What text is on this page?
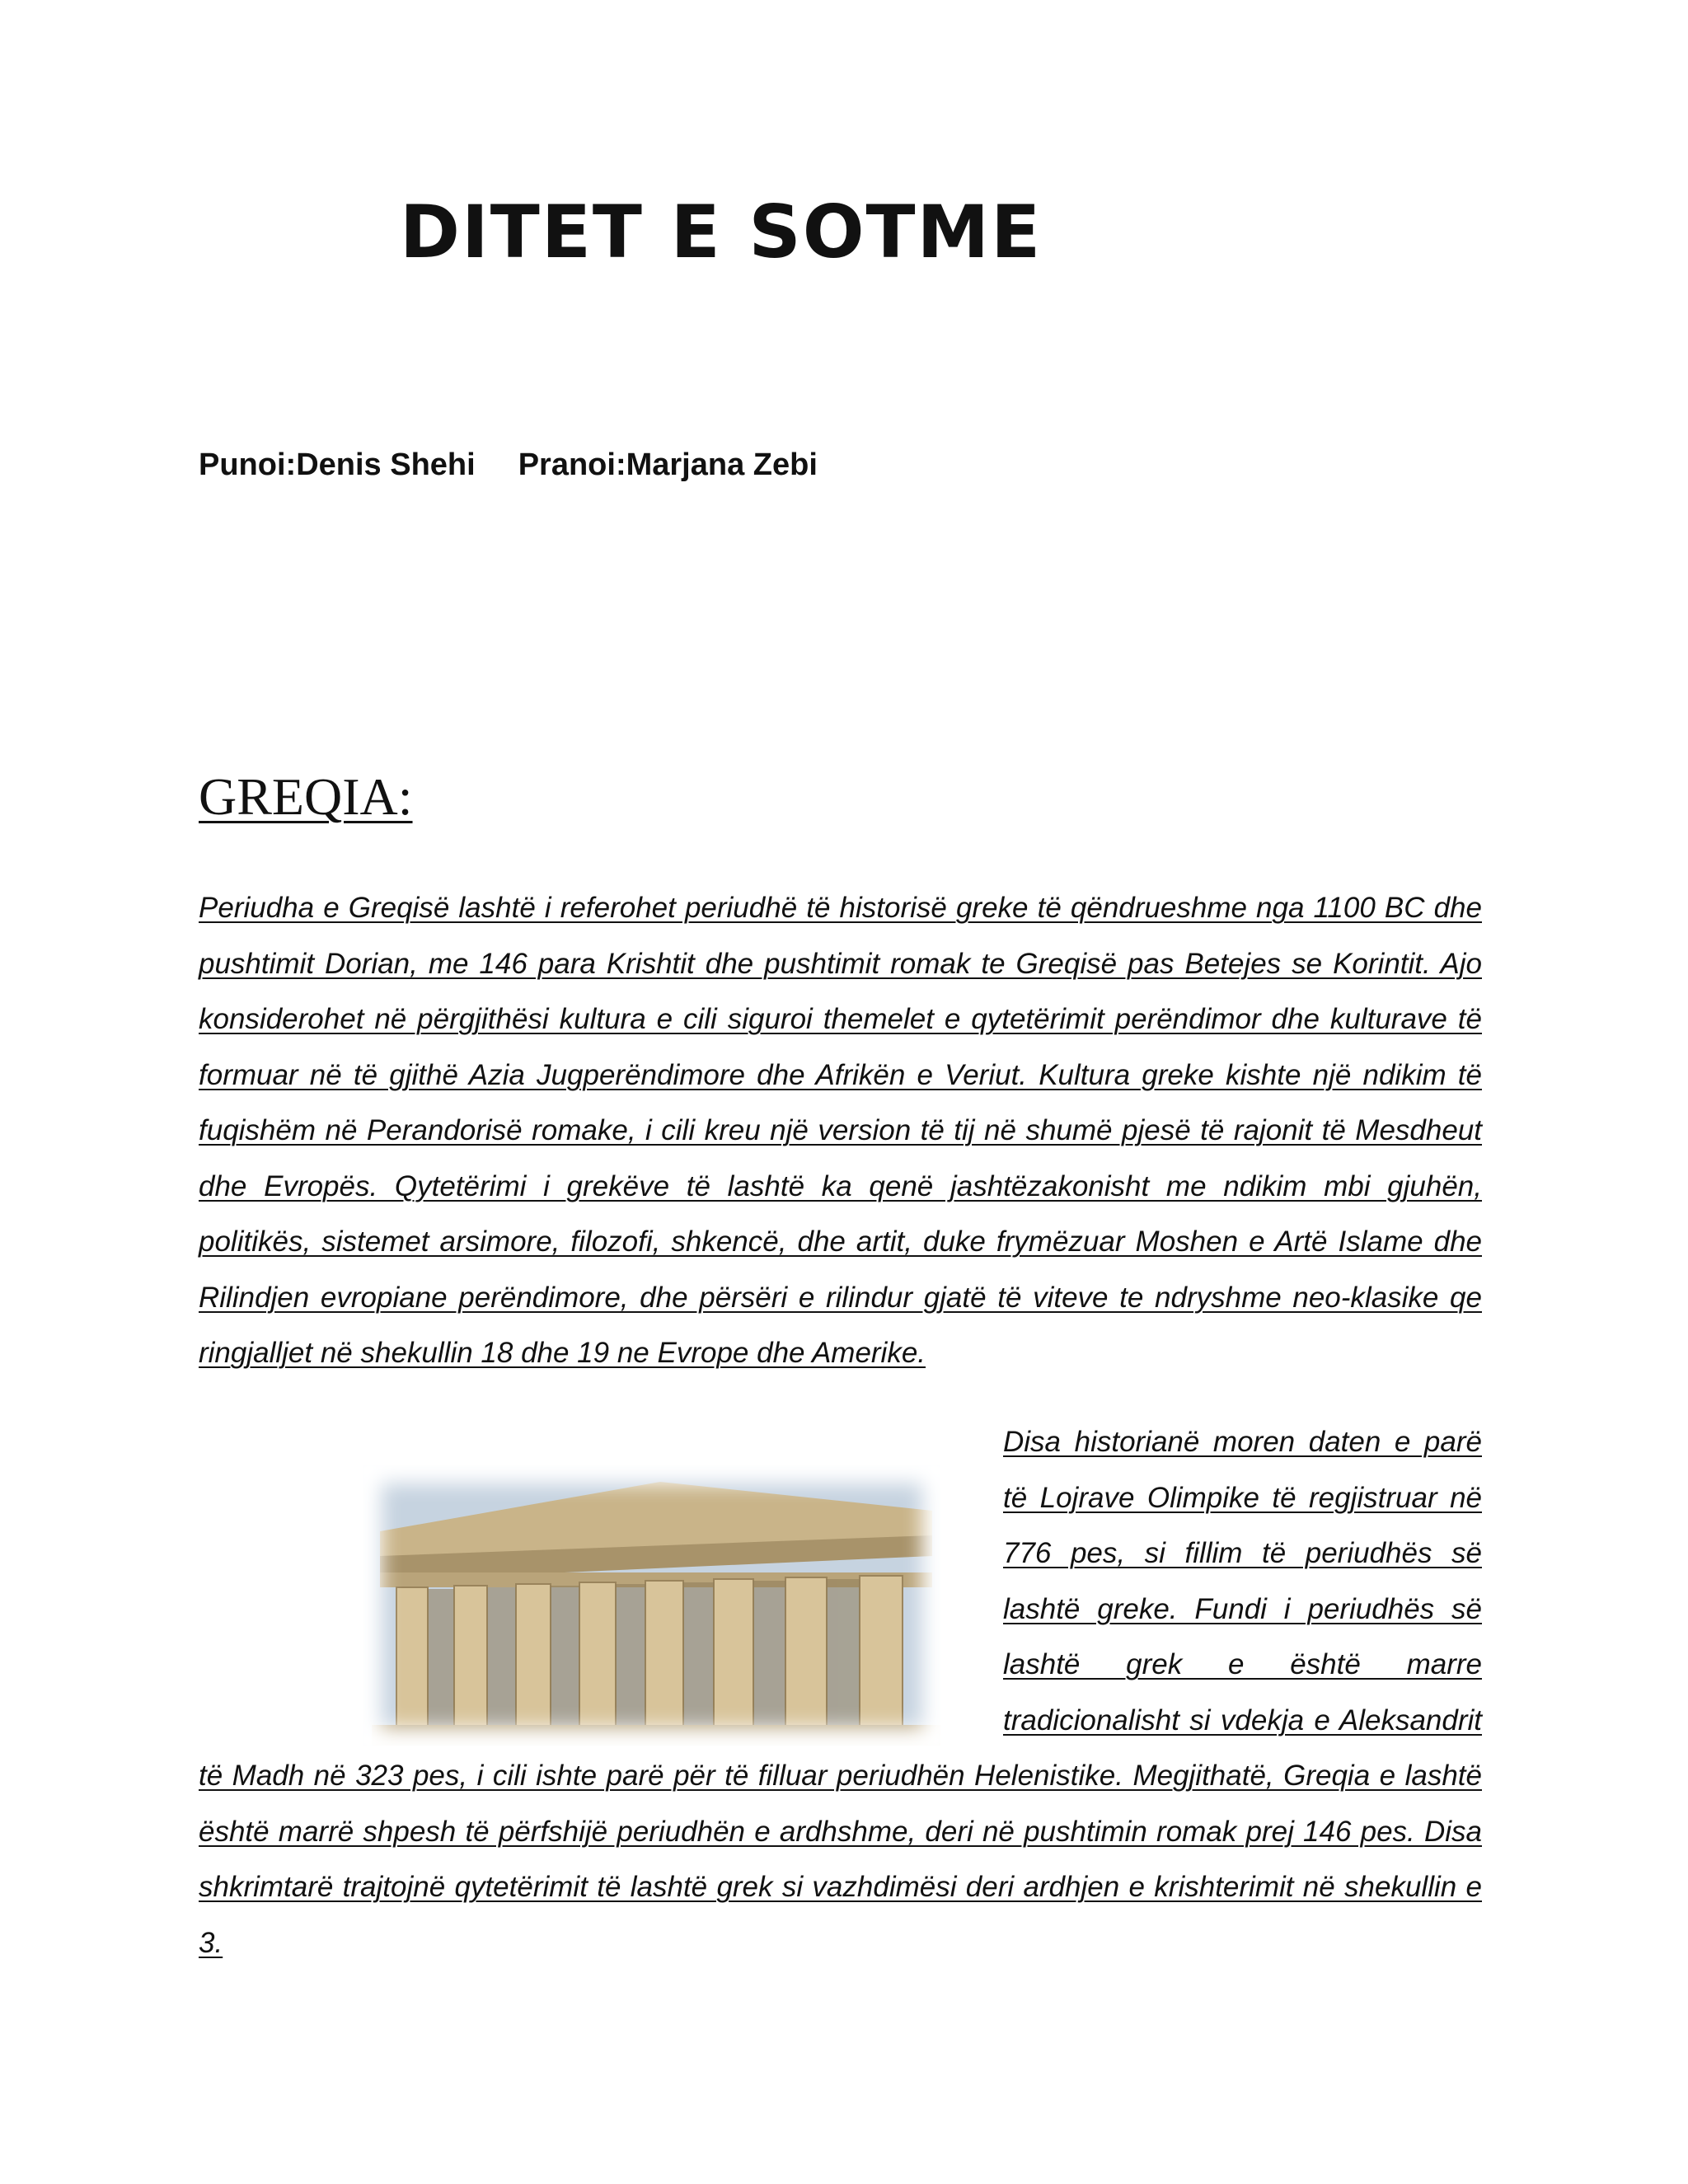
DITET E SOTME
Punoi:Denis Shehi Pranoi:Marjana Zebi
GREQIA:

Periudha e Greqisë lashtë i referohet periudhë të historisë greke të qëndrueshme nga 1100 BC dhe pushtimit Dorian, me 146 para Krishtit dhe pushtimit romak te Greqisë pas Betejes se Korintit. Ajo konsiderohet në përgjithësi kultura e cili siguroi themelet e qytetërimit perëndimor dhe kulturave të formuar në të gjithë Azia Jugperëndimore dhe Afrikën e Veriut. Kultura greke kishte një ndikim të fuqishëm në Perandorisë romake, i cili kreu një version të tij në shumë pjesë të rajonit të Mesdheut dhe Evropës. Qytetërimi i grekëve të lashtë ka qenë jashtëzakonisht me ndikim mbi gjuhën, politikës, sistemet arsimore, filozofi, shkencë, dhe artit, duke frymëzuar Moshen e Artë Islame dhe Rilindjen evropiane perëndimore, dhe përsëri e rilindur gjatë të viteve te ndryshme neo-klasike qe ringjalljet në shekullin 18 dhe 19 ne Evrope dhe Amerike.

Disa historianë moren daten e parë të Lojrave Olimpike të regjistruar në 776 pes, si fillim të periudhës së lashtë greke. Fundi i periudhës së lashtë grek e është marre tradicionalisht si vdekja e Aleksandrit të Madh në 323 pes, i cili ishte parë për të filluar periudhën Helenistike. Megjithatë, Greqia e lashtë është marrë shpesh të përfshijë periudhën e ardhshme, deri në pushtimin romak prej 146 pes. Disa shkrimtarë trajtojnë qytetërimit të lashtë grek si vazhdimësi deri ardhjen e krishterimit në shekullin e 3.
